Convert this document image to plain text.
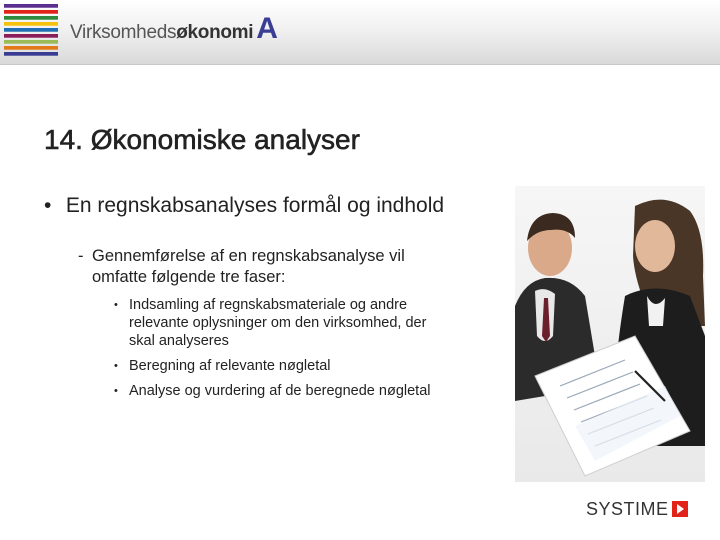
Virksomheds økonomi A
14. Økonomiske analyser
• En regnskabsanalyses formål og indhold
- Gennemførelse af en regnskabsanalyse vil omfatte følgende tre faser:
• Indsamling af regnskabsmateriale og andre relevante oplysninger om den virksomhed, der skal analyseres
• Beregning af relevante nøgletal
• Analyse og vurdering af de beregnede nøgletal
SYSTIME
